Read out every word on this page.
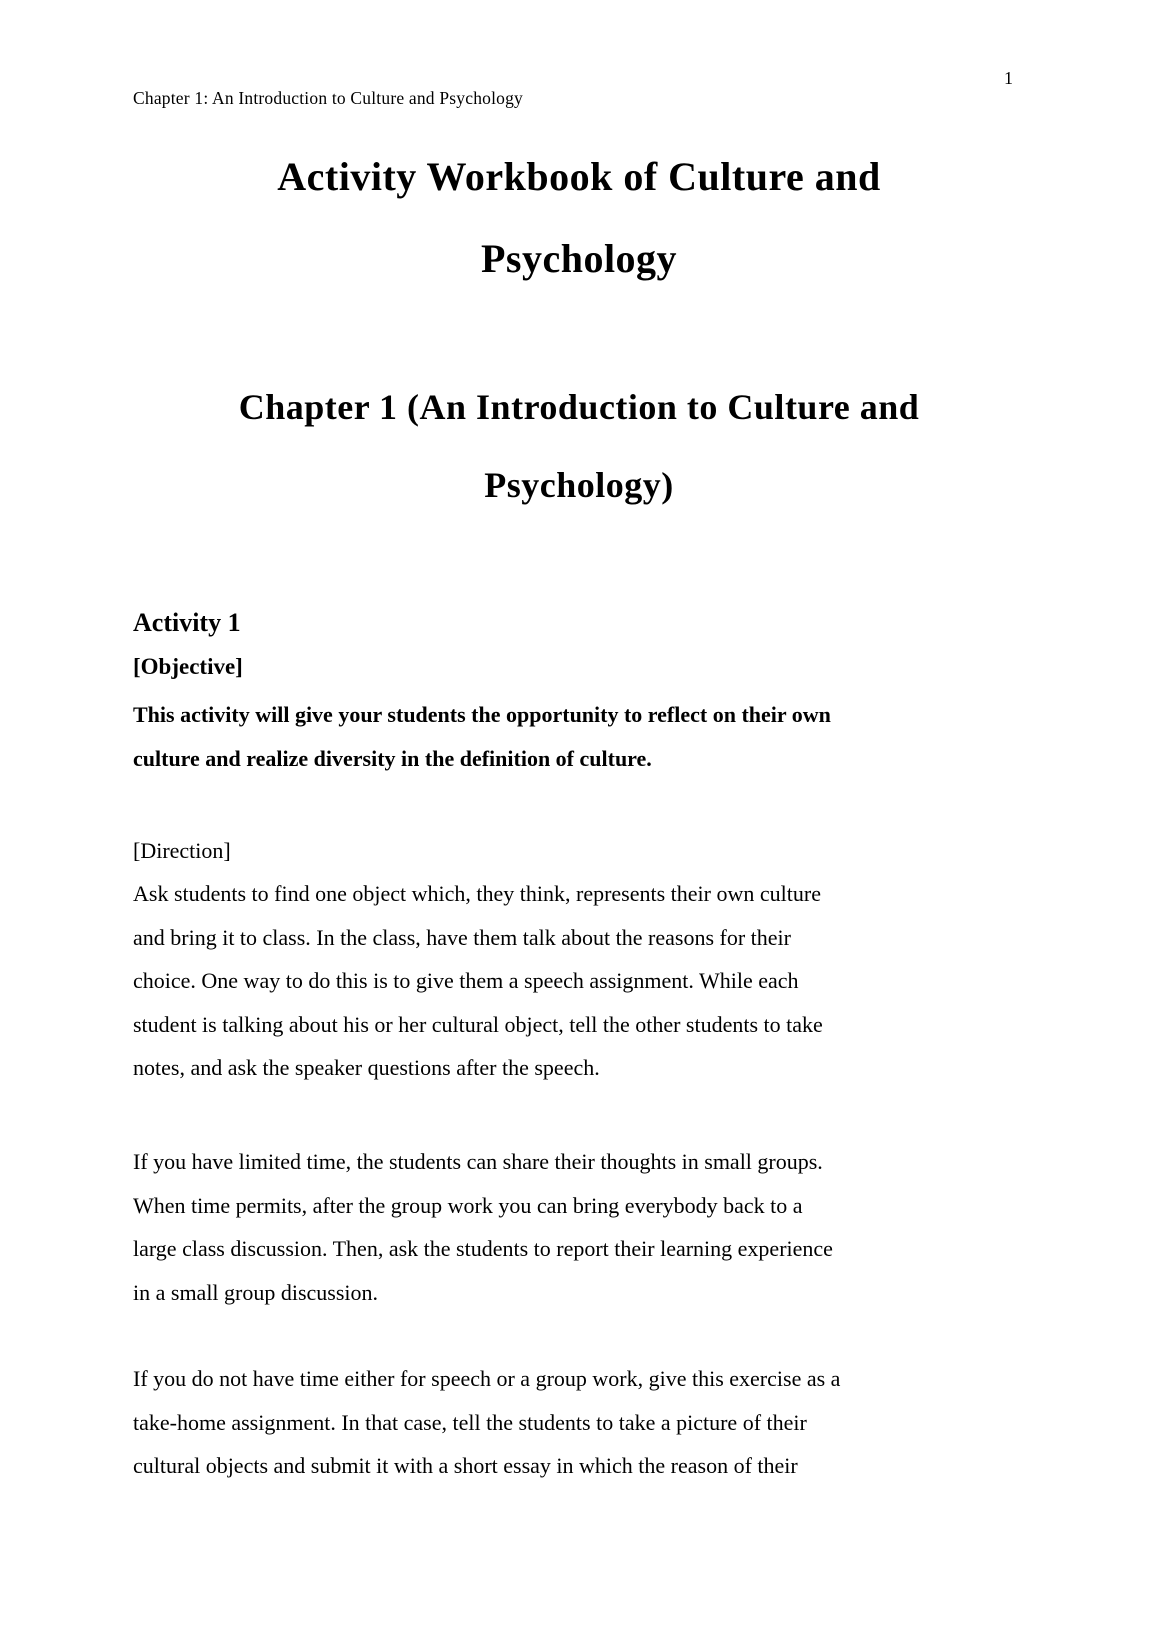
1
Chapter 1: An Introduction to Culture and Psychology
Activity Workbook of Culture and
Psychology
Chapter 1 (An Introduction to Culture and
Psychology)
Activity 1
[Objective]
This activity will give your students the opportunity to reflect on their own
culture and realize diversity in the definition of culture.
[Direction]
Ask students to find one object which, they think, represents their own culture
and bring it to class. In the class, have them talk about the reasons for their
choice. One way to do this is to give them a speech assignment. While each
student is talking about his or her cultural object, tell the other students to take
notes, and ask the speaker questions after the speech.
If you have limited time, the students can share their thoughts in small groups.
When time permits, after the group work you can bring everybody back to a
large class discussion. Then, ask the students to report their learning experience
in a small group discussion.
If you do not have time either for speech or a group work, give this exercise as a
take-home assignment. In that case, tell the students to take a picture of their
cultural objects and submit it with a short essay in which the reason of their
